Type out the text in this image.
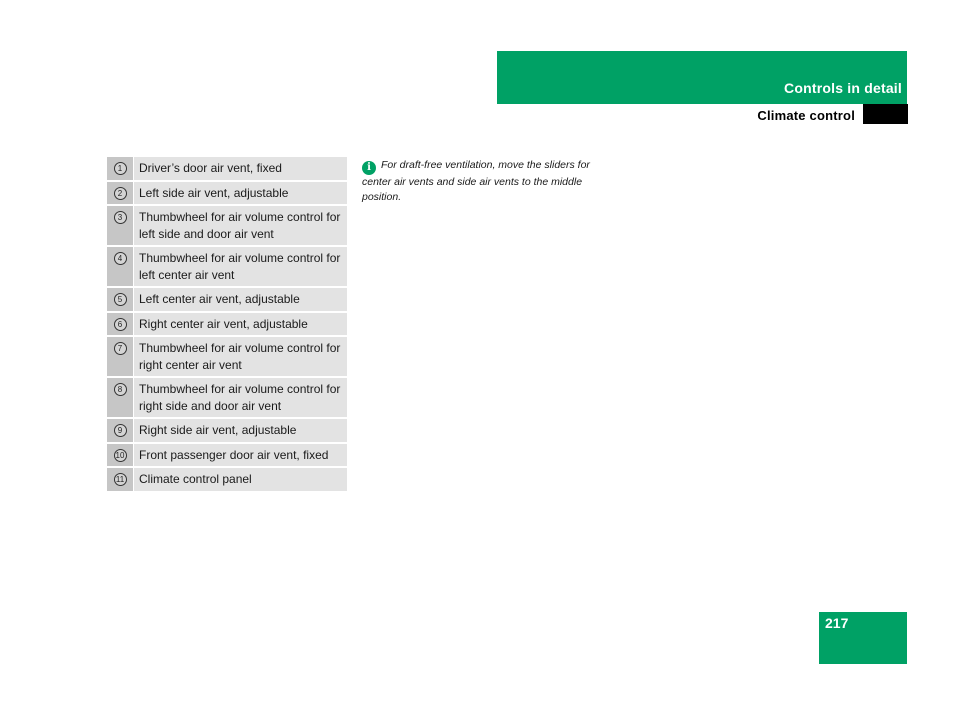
Controls in detail
Climate control
1	Driver’s door air vent, fixed
2	Left side air vent, adjustable
3	Thumbwheel for air volume control for left side and door air vent
4	Thumbwheel for air volume control for left center air vent
5	Left center air vent, adjustable
6	Right center air vent, adjustable
7	Thumbwheel for air volume control for right center air vent
8	Thumbwheel for air volume control for right side and door air vent
9	Right side air vent, adjustable
10	Front passenger door air vent, fixed
11	Climate control panel
i For draft-free ventilation, move the sliders for center air vents and side air vents to the middle position.
217
